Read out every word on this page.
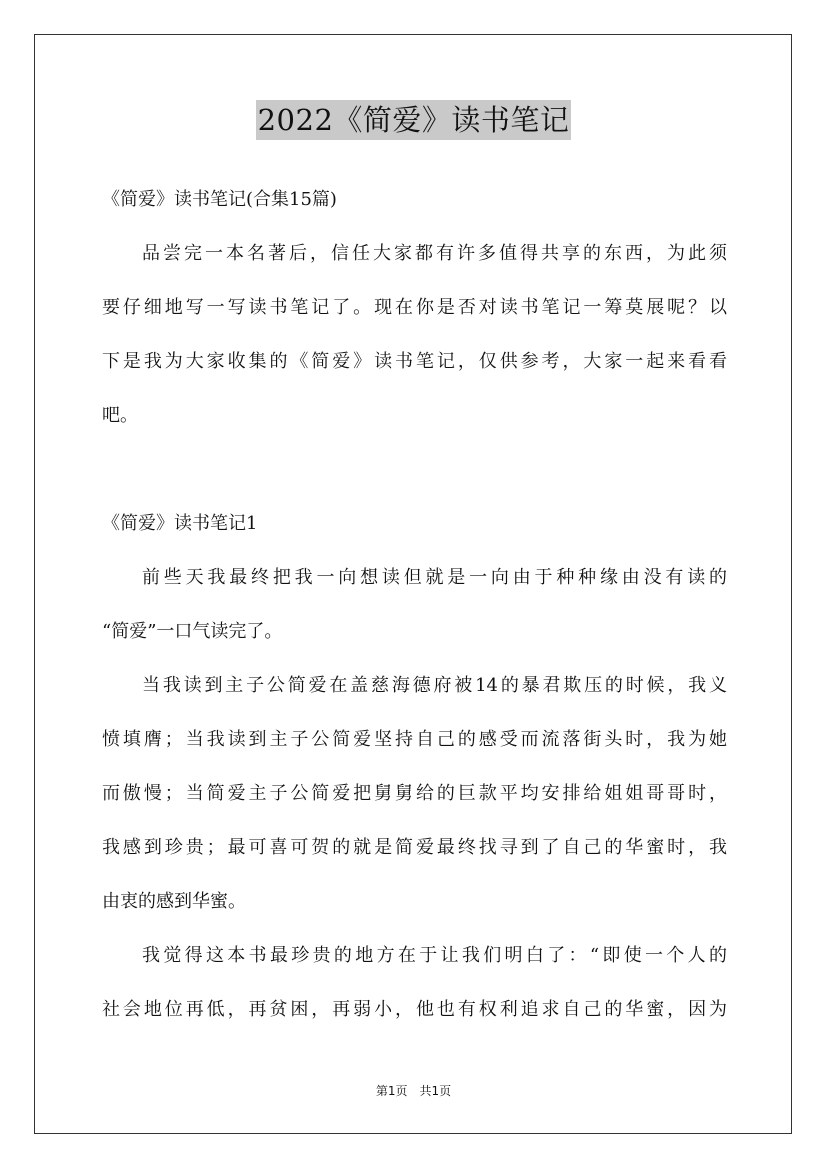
2022《简爱》读书笔记
《简爱》读书笔记(合集15篇)
品尝完一本名著后，信任大家都有许多值得共享的东西，为此须
要仔细地写一写读书笔记了。现在你是否对读书笔记一筹莫展呢？以
下是我为大家收集的《简爱》读书笔记，仅供参考，大家一起来看看
吧。
《简爱》读书笔记1
前些天我最终把我一向想读但就是一向由于种种缘由没有读的
“简爱”一口气读完了。
当我读到主子公简爱在盖慈海德府被14的暴君欺压的时候，我义
愤填膺；当我读到主子公简爱坚持自己的感受而流落街头时，我为她
而傲慢；当简爱主子公简爱把舅舅给的巨款平均安排给姐姐哥哥时，
我感到珍贵；最可喜可贺的就是简爱最终找寻到了自己的华蜜时，我
由衷的感到华蜜。
我觉得这本书最珍贵的地方在于让我们明白了：“即使一个人的
社会地位再低，再贫困，再弱小，他也有权利追求自己的华蜜，因为
第1页　共1页
